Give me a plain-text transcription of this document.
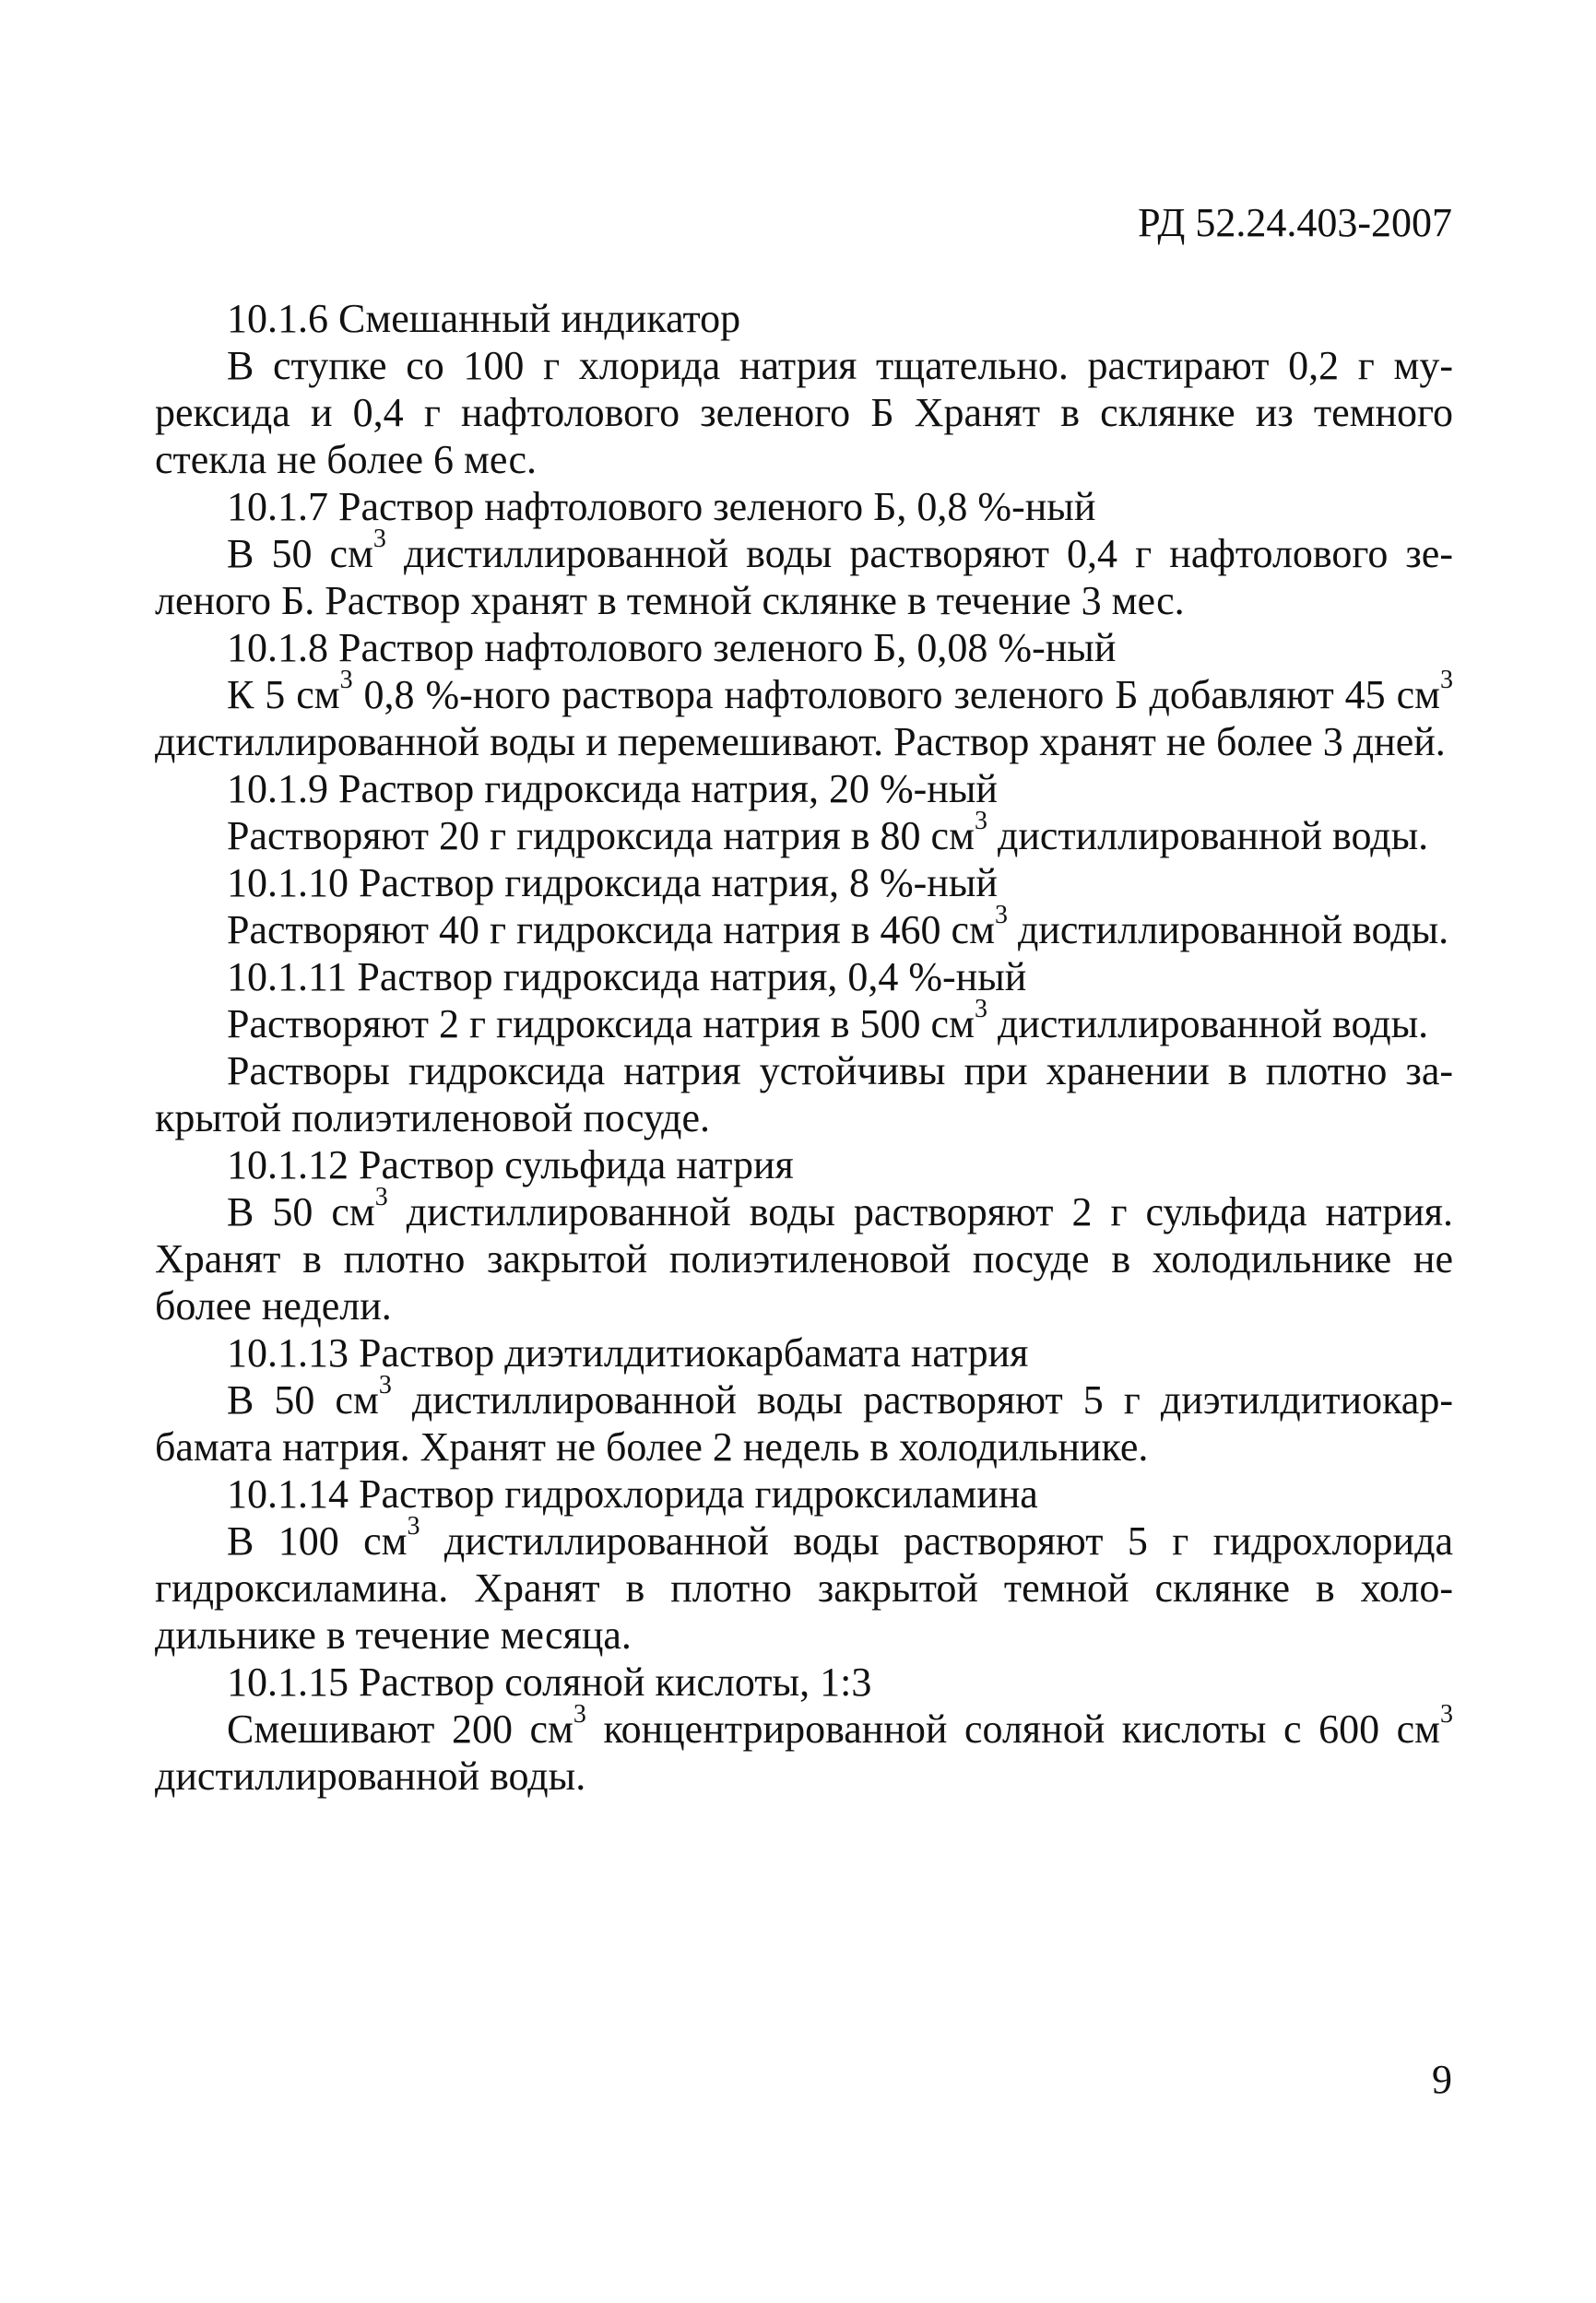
РД 52.24.403-2007

10.1.6 Смешанный индикатор

В ступке со 100 г хлорида натрия тщательно. растирают 0,2 г мурексида и 0,4 г нафтолового зеленого Б Хранят в склянке из темного стекла не более 6 мес.

10.1.7 Раствор нафтолового зеленого Б, 0,8 %-ный

В 50 $см^3$ дистиллированной воды растворяют 0,4 г нафтолового зеленого Б. Раствор хранят в темной склянке в течение 3 мес.

10.1.8 Раствор нафтолового зеленого Б, 0,08 %-ный

К 5 $см^3$ 0,8 %-ного раствора нафтолового зеленого Б добавляют 45 $см^3$ дистиллированной воды и перемешивают. Раствор хранят не более 3 дней.

10.1.9 Раствор гидроксида натрия, 20 %-ный

Растворяют 20 г гидроксида натрия в 80 $см^3$ дистиллированной воды.

10.1.10 Раствор гидроксида натрия, 8 %-ный

Растворяют 40 г гидроксида натрия в 460 $см^3$ дистиллированной воды.

10.1.11 Раствор гидроксида натрия, 0,4 %-ный

Растворяют 2 г гидроксида натрия в 500 $см^3$ дистиллированной воды.

Растворы гидроксида натрия устойчивы при хранении в плотно закрытой полиэтиленовой посуде.

10.1.12 Раствор сульфида натрия

В 50 $см^3$ дистиллированной воды растворяют 2 г сульфида натрия. Хранят в плотно закрытой полиэтиленовой посуде в холодильнике не более недели.

10.1.13 Раствор диэтилдитиокарбамата натрия

В 50 $см^3$ дистиллированной воды растворяют 5 г диэтилдитиокарбамата натрия. Хранят не более 2 недель в холодильнике.

10.1.14 Раствор гидрохлорида гидроксиламина

В 100 $см^3$ дистиллированной воды растворяют 5 г гидрохлорида гидроксиламина. Хранят в плотно закрытой темной склянке в холодильнике в течение месяца.

10.1.15 Раствор соляной кислоты, 1:3

Смешивают 200 $см^3$ концентрированной соляной кислоты с 600 $см^3$ дистиллированной воды.

9
